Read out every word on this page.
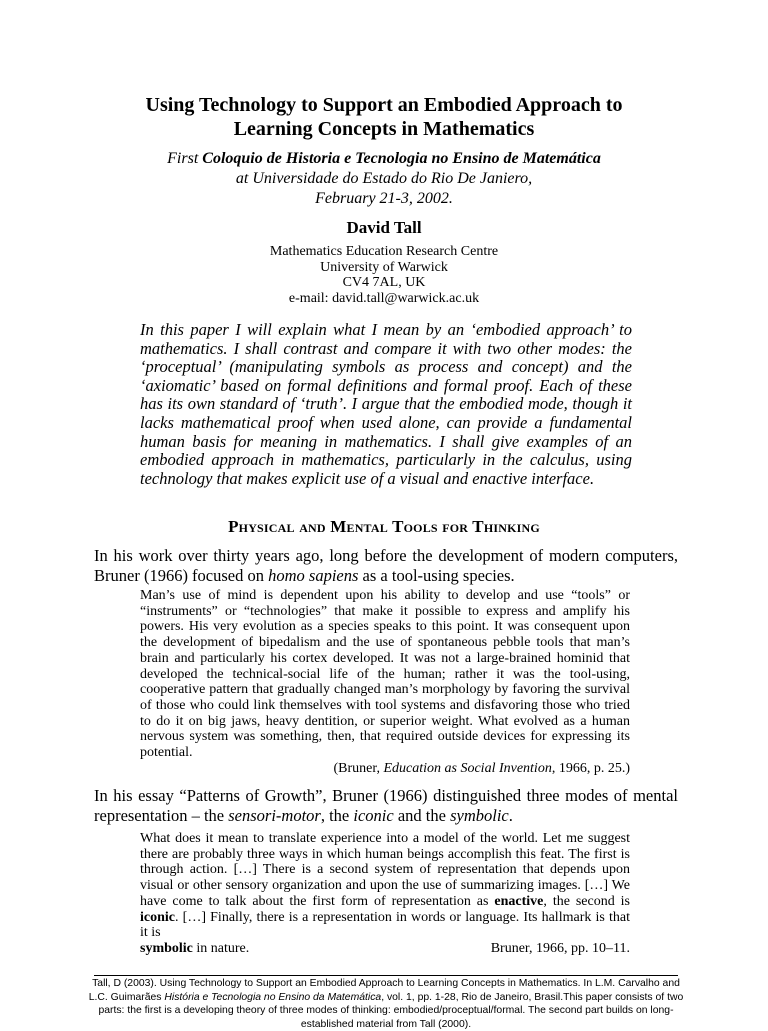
Using Technology to Support an Embodied Approach to
Learning Concepts in Mathematics
First Coloquio de Historia e Tecnologia no Ensino de Matemática
at Universidade do Estado do Rio De Janiero,
February 21-3, 2002.
David Tall
Mathematics Education Research Centre
University of Warwick
CV4 7AL, UK
e-mail: david.tall@warwick.ac.uk
In this paper I will explain what I mean by an ‘embodied approach’ to mathematics. I shall contrast and compare it with two other modes: the ‘proceptual’ (manipulating symbols as process and concept) and the ‘axiomatic’ based on formal definitions and formal proof. Each of these has its own standard of ‘truth’. I argue that the embodied mode, though it lacks mathematical proof when used alone, can provide a fundamental human basis for meaning in mathematics. I shall give examples of an embodied approach in mathematics, particularly in the calculus, using technology that makes explicit use of a visual and enactive interface.
Physical and Mental Tools for Thinking
In his work over thirty years ago, long before the development of modern computers, Bruner (1966) focused on homo sapiens as a tool-using species.
Man’s use of mind is dependent upon his ability to develop and use “tools” or “instruments” or “technologies” that make it possible to express and amplify his powers. His very evolution as a species speaks to this point. It was consequent upon the development of bipedalism and the use of spontaneous pebble tools that man’s brain and particularly his cortex developed. It was not a large-brained hominid that developed the technical-social life of the human; rather it was the tool-using, cooperative pattern that gradually changed man’s morphology by favoring the survival of those who could link themselves with tool systems and disfavoring those who tried to do it on big jaws, heavy dentition, or superior weight. What evolved as a human nervous system was something, then, that required outside devices for expressing its potential.
(Bruner, Education as Social Invention, 1966, p. 25.)
In his essay “Patterns of Growth”, Bruner (1966) distinguished three modes of mental representation – the sensori-motor, the iconic and the symbolic.
What does it mean to translate experience into a model of the world. Let me suggest there are probably three ways in which human beings accomplish this feat. The first is through action. […] There is a second system of representation that depends upon visual or other sensory organization and upon the use of summarizing images. […] We have come to talk about the first form of representation as enactive, the second is iconic. […] Finally, there is a representation in words or language. Its hallmark is that it is
symbolic in nature.	Bruner, 1966, pp. 10–11.
Tall, D (2003). Using Technology to Support an Embodied Approach to Learning Concepts in Mathematics. In L.M. Carvalho and L.C. Guimarães História e Tecnologia no Ensino da Matemática, vol. 1, pp. 1-28, Rio de Janeiro, Brasil.This paper consists of two parts: the first is a developing theory of three modes of thinking: embodied/proceptual/formal. The second part builds on long-established material from Tall (2000).
